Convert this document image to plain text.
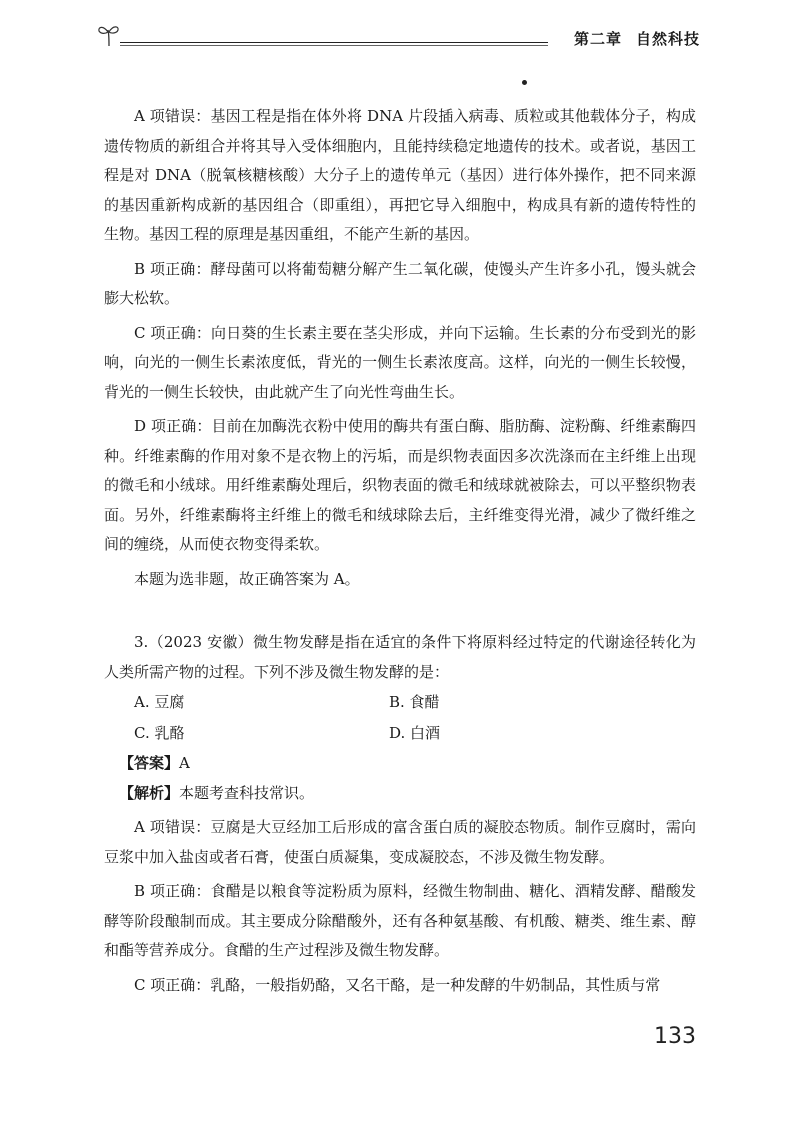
第二章 自然科技

A 项错误：基因工程是指在体外将 DNA 片段插入病毒、质粒或其他载体分子，构成遗传物质的新组合并将其导入受体细胞内，且能持续稳定地遗传的技术。或者说，基因工程是对 DNA（脱氧核糖核酸）大分子上的遗传单元（基因）进行体外操作，把不同来源的基因重新构成新的基因组合（即重组），再把它导入细胞中，构成具有新的遗传特性的生物。基因工程的原理是基因重组，不能产生新的基因。

B 项正确：酵母菌可以将葡萄糖分解产生二氧化碳，使馒头产生许多小孔，馒头就会膨大松软。

C 项正确：向日葵的生长素主要在茎尖形成，并向下运输。生长素的分布受到光的影响，向光的一侧生长素浓度低，背光的一侧生长素浓度高。这样，向光的一侧生长较慢，背光的一侧生长较快，由此就产生了向光性弯曲生长。

D 项正确：目前在加酶洗衣粉中使用的酶共有蛋白酶、脂肪酶、淀粉酶、纤维素酶四种。纤维素酶的作用对象不是衣物上的污垢，而是织物表面因多次洗涤而在主纤维上出现的微毛和小绒球。用纤维素酶处理后，织物表面的微毛和绒球就被除去，可以平整织物表面。另外，纤维素酶将主纤维上的微毛和绒球除去后，主纤维变得光滑，减少了微纤维之间的缠绕，从而使衣物变得柔软。

本题为选非题，故正确答案为 A。

3.（2023 安徽）微生物发酵是指在适宜的条件下将原料经过特定的代谢途径转化为人类所需产物的过程。下列不涉及微生物发酵的是：

A. 豆腐	B. 食醋
C. 乳酪	D. 白酒

【答案】A

【解析】本题考查科技常识。

A 项错误：豆腐是大豆经加工后形成的富含蛋白质的凝胶态物质。制作豆腐时，需向豆浆中加入盐卤或者石膏，使蛋白质凝集，变成凝胶态，不涉及微生物发酵。

B 项正确：食醋是以粮食等淀粉质为原料，经微生物制曲、糖化、酒精发酵、醋酸发酵等阶段酿制而成。其主要成分除醋酸外，还有各种氨基酸、有机酸、糖类、维生素、醇和酯等营养成分。食醋的生产过程涉及微生物发酵。

C 项正确：乳酪，一般指奶酪，又名干酪，是一种发酵的牛奶制品，其性质与常

133
